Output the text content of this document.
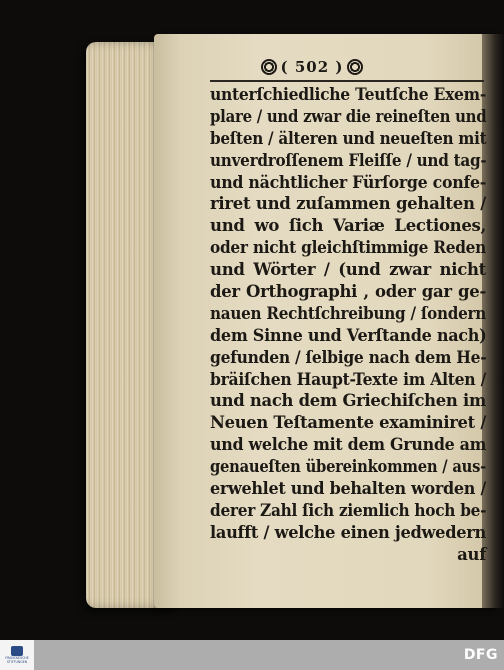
( 502 )
unterſchiedliche Teutſche Exem-
plare / und zwar die reineſten und
beſten / älteren und neueſten mit
unverdroſſenem Fleiſſe / und tag-
und nächtlicher Fürſorge confe-
riret und zuſammen gehalten /
und wo ſich Variæ Lectiones,
oder nicht gleichſtimmige Reden
und Wörter / (und zwar nicht
der Orthographi , oder gar ge-
nauen Rechtſchreibung / ſondern
dem Sinne und Verſtande nach)
gefunden / ſelbige nach dem He-
bräiſchen Haupt-Texte im Alten /
und nach dem Griechiſchen im
Neuen Teſtamente examiniret /
und welche mit dem Grunde am
genaueſten übereinkommen / aus-
erwehlet und behalten worden /
derer Zahl ſich ziemlich hoch be-
laufft / welche einen jedwedern
auf
FRANCKESCHE STIFTUNGEN	DFG
